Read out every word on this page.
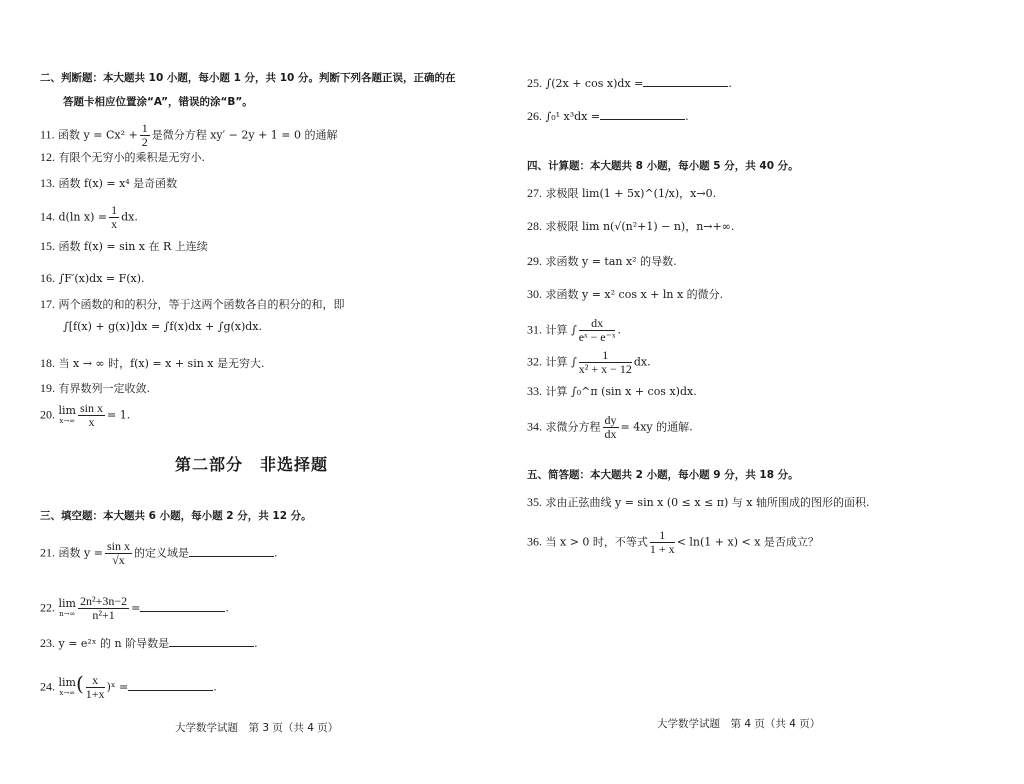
二、判断题：本大题共 10 小题，每小题 1 分，共 10 分。判断下列各题正误，正确的在
答题卡相应位置涂“A”，错误的涂“B”。
11. 函数 $y = Cx^2 + \frac{1}{2}$ 是微分方程 xy′ − 2y + 1 = 0 的通解
12. 有限个无穷小的乘积是无穷小.
13. 函数 f(x) = x⁴ 是奇函数
14. d(ln $x) = \frac{1}{x}$ dx.
15. 函数 f(x) = sin x 在 R 上连续
16. ∫F′(x)dx = F(x).
17. 两个函数的和的积分，等于这两个函数各自的积分的和，即
∫[f(x) + g(x)]dx = ∫f(x)dx + ∫g(x)dx.
18. 当 x → ∞ 时，f(x) = x + sin x 是无穷大.
19. 有界数列一定收敛.
20. lim
$x\to\infty \frac{\text{sin x}}{x} = 1$.
第二部分　非选择题
三、填空题：本大题共 6 小题，每小题 2 分，共 12 分。
21. 函数 $y = \frac{\text{sin x}}{√x}$ 的定义域是	.
22. lim
$n\to\infty \frac{\text{2n²+3n−2}}{\text{n²+1}}$ =	.
23. y = e²ˣ 的 n 阶导数是	.
24. lim
x→∞ ( $\frac{x}{1+x}$ )ˣ =	.
大学数学试题　第 3 页（共 4 页）
25. ∫(2x + cos x)dx =	.
26. ∫₀¹ x³dx =	.
四、计算题：本大题共 8 小题，每小题 5 分，共 40 分。
27. 求极限 lim(1 + 5x)^(1/x)，x→0.
28. 求极限 lim n(√(n²+1) − n)，n→+∞.
29. 求函数 y = tan x² 的导数.
30. 求函数 y = x² cos x + ln x 的微分.
31. 计算 ∫ $\frac{dx}{\text{eˣ − e⁻ˣ}}$ .
32. 计算 ∫ $\frac{1}{\text{x² + x − 12}}$ dx.
33. 计算 ∫₀^π (sin x + cos x)dx.
34. 求微分方程 $\frac{dy}{dx} = 4xy$ 的通解.
五、简答题：本大题共 2 小题，每小题 9 分，共 18 分。
35. 求由正弦曲线 y = sin x (0 ≤ x ≤ π) 与 x 轴所围成的图形的面积.
36. 当 x > 0 时，不等式 $\frac{1}{1 + x} < \ln(1 + x) < x$ 是否成立？
大学数学试题　第 4 页（共 4 页）
